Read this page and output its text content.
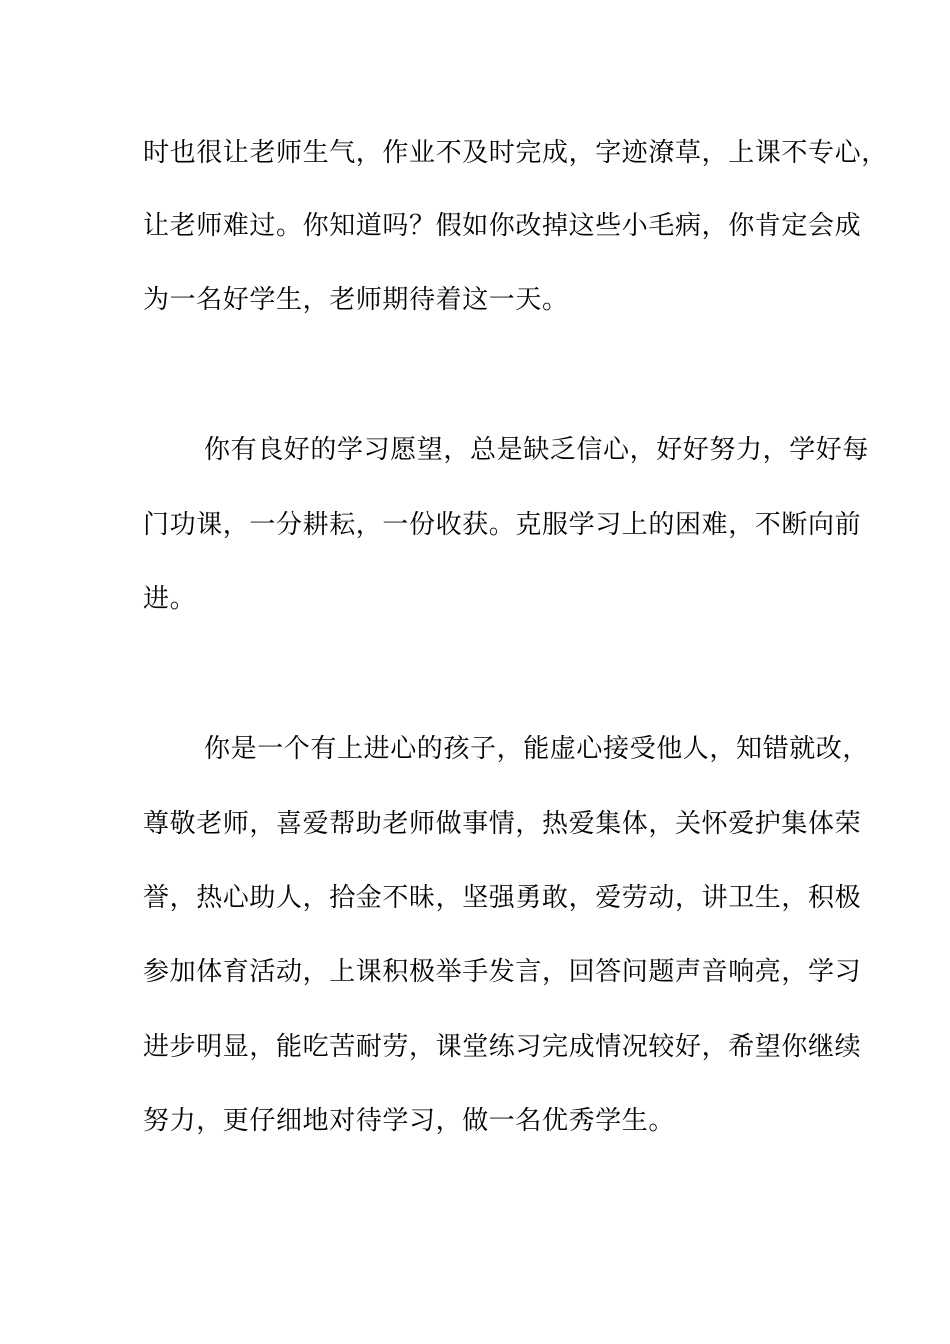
时也很让老师生气，作业不及时完成，字迹潦草，上课不专心，
让老师难过。你知道吗？假如你改掉这些小毛病，你肯定会成
为一名好学生，老师期待着这一天。
你有良好的学习愿望，总是缺乏信心，好好努力，学好每
门功课，一分耕耘，一份收获。克服学习上的困难，不断向前
进。
你是一个有上进心的孩子，能虚心接受他人，知错就改，
尊敬老师，喜爱帮助老师做事情，热爱集体，关怀爱护集体荣
誉，热心助人，拾金不昧，坚强勇敢，爱劳动，讲卫生，积极
参加体育活动，上课积极举手发言，回答问题声音响亮，学习
进步明显，能吃苦耐劳，课堂练习完成情况较好，希望你继续
努力，更仔细地对待学习，做一名优秀学生。
